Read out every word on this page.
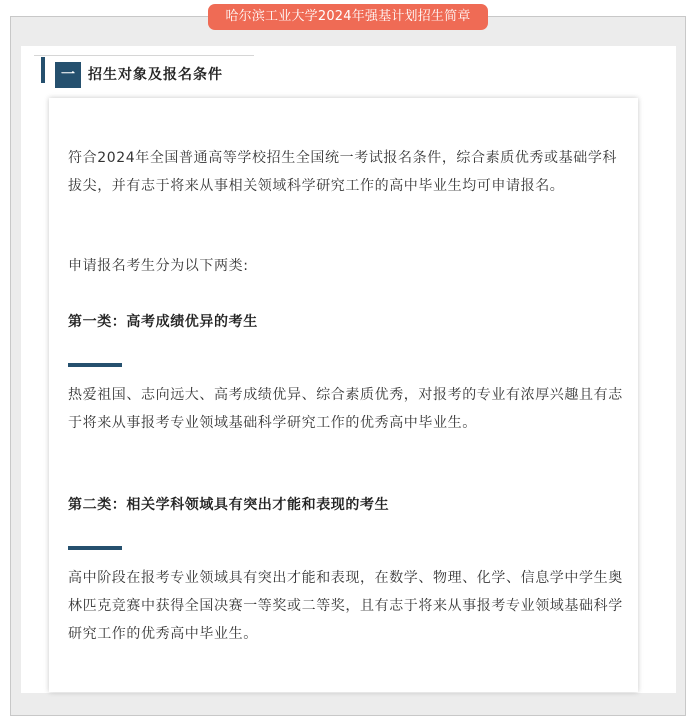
哈尔滨工业大学2024年强基计划招生简章
一 招生对象及报名条件

符合2024年全国普通高等学校招生全国统一考试报名条件，综合素质优秀或基础学科拔尖，并有志于将来从事相关领域科学研究工作的高中毕业生均可申请报名。

申请报名考生分为以下两类:

第一类：高考成绩优异的考生

热爱祖国、志向远大、高考成绩优异、综合素质优秀，对报考的专业有浓厚兴趣且有志于将来从事报考专业领域基础科学研究工作的优秀高中毕业生。

第二类：相关学科领域具有突出才能和表现的考生

高中阶段在报考专业领域具有突出才能和表现，在数学、物理、化学、信息学中学生奥林匹克竞赛中获得全国决赛一等奖或二等奖，且有志于将来从事报考专业领域基础科学研究工作的优秀高中毕业生。
